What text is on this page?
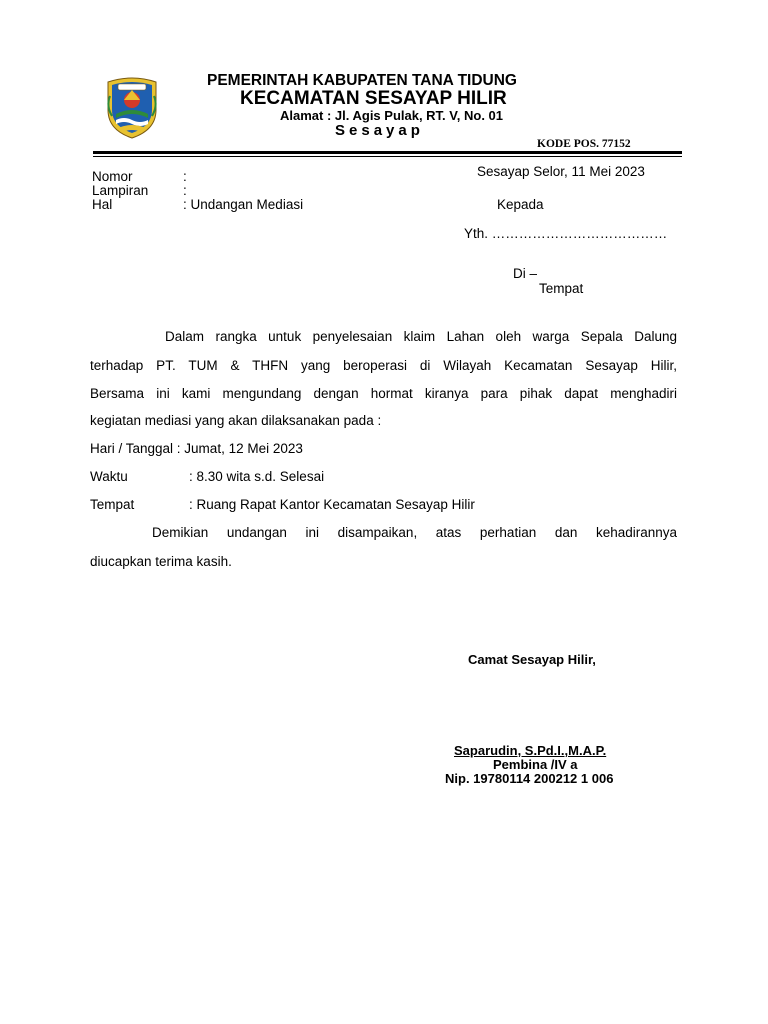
PEMERINTAH KABUPATEN TANA TIDUNG
KECAMATAN SESAYAP HILIR
Alamat : Jl. Agis Pulak, RT. V, No. 01
Sesayap
KODE POS. 77152
Nomor	:
Lampiran	:
Hal	: Undangan Mediasi
Sesayap Selor, 11 Mei 2023
Kepada
Yth. …………………………………
Di –
Tempat
Dalam rangka untuk penyelesaian klaim Lahan oleh warga Sepala Dalung
terhadap PT. TUM & THFN yang beroperasi di Wilayah Kecamatan Sesayap Hilir,
Bersama ini kami mengundang dengan hormat kiranya para pihak dapat menghadiri
kegiatan mediasi yang akan dilaksanakan pada :
Hari / Tanggal : Jumat, 12 Mei 2023
Waktu	: 8.30 wita s.d. Selesai
Tempat	: Ruang Rapat Kantor Kecamatan Sesayap Hilir
Demikian undangan ini disampaikan, atas perhatian dan kehadirannya
diucapkan terima kasih.
Camat Sesayap Hilir,
Saparudin, S.Pd.I.,M.A.P.
Pembina /IV a
Nip. 19780114 200212 1 006
